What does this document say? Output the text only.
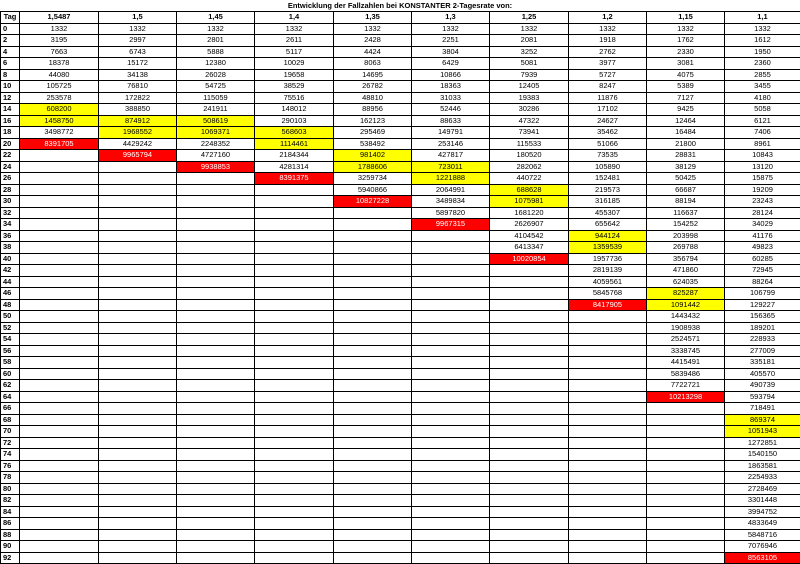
Entwicklung der Fallzahlen bei KONSTANTER 2-Tagesrate von:
Tag	1,5487	1,5	1,45	1,4	1,35	1,3	1,25	1,2	1,15	1,1
0	1332	1332	1332	1332	1332	1332	1332	1332	1332	1332
2	3195	2997	2801	2611	2428	2251	2081	1918	1762	1612
4	7663	6743	5888	5117	4424	3804	3252	2762	2330	1950
6	18378	15172	12380	10029	8063	6429	5081	3977	3081	2360
8	44080	34138	26028	19658	14695	10866	7939	5727	4075	2855
10	105725	76810	54725	38529	26782	18363	12405	8247	5389	3455
12	253578	172822	115059	75516	48810	31033	19383	11876	7127	4180
14	608200	388850	241911	148012	88956	52446	30286	17102	9425	5058
16	1458750	874912	508619	290103	162123	88633	47322	24627	12464	6121
18	3498772	1968552	1069371	568603	295469	149791	73941	35462	16484	7406
20	8391705	4429242	2248352	1114461	538492	253146	115533	51066	21800	8961
22		9965794	4727160	2184344	981402	427817	180520	73535	28831	10843
24			9938853	4281314	1788606	723011	282062	105890	38129	13120
26				8391375	3259734	1221888	440722	152481	50425	15875
28					5940866	2064991	688628	219573	66687	19209
30					10827228	3489834	1075981	316185	88194	23243
32						5897820	1681220	455307	116637	28124
34						9967315	2626907	655642	154252	34029
36							4104542	944124	203998	41176
38							6413347	1359539	269788	49823
40							10020854	1957736	356794	60285
42								2819139	471860	72945
44								4059561	624035	88264
46								5845768	825287	106799
48								8417905	1091442	129227
50									1443432	156365
52									1908938	189201
54									2524571	228933
56									3338745	277009
58									4415491	335181
60									5839486	405570
62									7722721	490739
64									10213298	593794
66										718491
68										869374
70										1051943
72										1272851
74										1540150
76										1863581
78										2254933
80										2728469
82										3301448
84										3994752
86										4833649
88										5848716
90										7076946
92										8563105
